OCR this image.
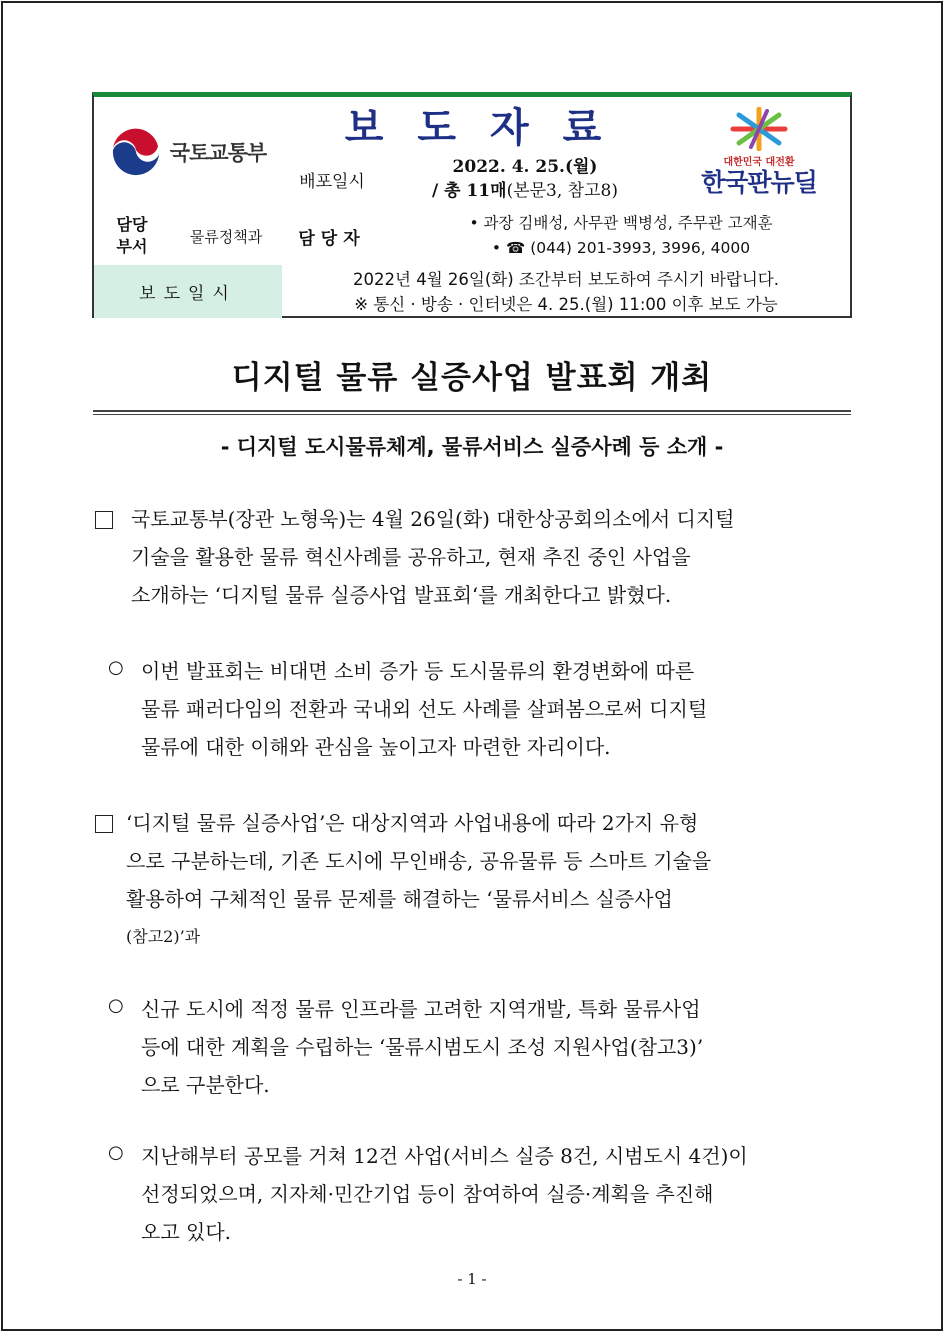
국토교통부
보도자료
배포일시
2022. 4. 25.(월)
/ 총 11매(본문3, 참고8)
대한민국 대전환
한국판뉴딜
담당
부서
물류정책과	담당자
• 과장 김배성, 사무관 백병성, 주무관 고재훈
• ☎ (044) 201-3993, 3996, 4000
보도일시
2022년 4월 26일(화) 조간부터 보도하여 주시기 바랍니다.
※ 통신 · 방송 · 인터넷은 4. 25.(월) 11:00 이후 보도 가능
디지털 물류 실증사업 발표회 개최
- 디지털 도시물류체계, 물류서비스 실증사례 등 소개 -
국토교통부(장관 노형욱)는 4월 26일(화) 대한상공회의소에서 디지털
기술을 활용한 물류 혁신사례를 공유하고, 현재 추진 중인 사업을
소개하는 ‘디지털 물류 실증사업 발표회‘를 개최한다고 밝혔다.
○ 이번 발표회는 비대면 소비 증가 등 도시물류의 환경변화에 따른
물류 패러다임의 전환과 국내외 선도 사례를 살펴봄으로써 디지털
물류에 대한 이해와 관심을 높이고자 마련한 자리이다.
‘디지털 물류 실증사업’은 대상지역과 사업내용에 따라 2가지 유형
으로 구분하는데, 기존 도시에 무인배송, 공유물류 등 스마트 기술을
활용하여 구체적인 물류 문제를 해결하는 ‘물류서비스 실증사업
(참고2)’과
○ 신규 도시에 적정 물류 인프라를 고려한 지역개발, 특화 물류사업
등에 대한 계획을 수립하는 ‘물류시범도시 조성 지원사업(참고3)’
으로 구분한다.
○ 지난해부터 공모를 거쳐 12건 사업(서비스 실증 8건, 시범도시 4건)이
선정되었으며, 지자체·민간기업 등이 참여하여 실증·계획을 추진해
오고 있다.
- 1 -
